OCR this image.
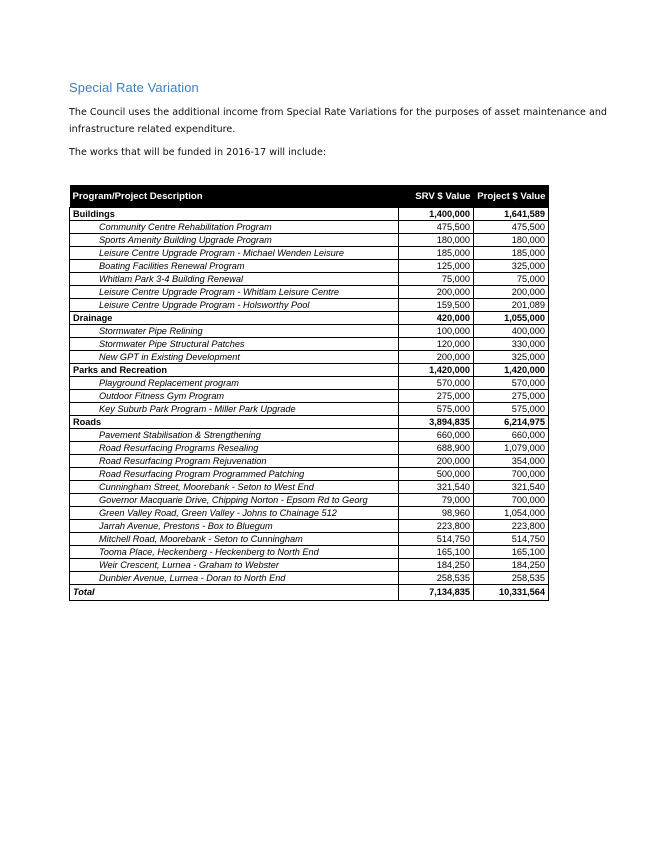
Special Rate Variation

The Council uses the additional income from Special Rate Variations for the purposes of asset maintenance and infrastructure related expenditure.

The works that will be funded in 2016-17 will include:

Program/Project Description	SRV $ Value	Project $ Value
Buildings	1,400,000	1,641,589
Community Centre Rehabilitation Program	475,500	475,500
Sports Amenity Building Upgrade Program	180,000	180,000
Leisure Centre Upgrade Program - Michael Wenden Leisure	185,000	185,000
Boating Facilities Renewal Program	125,000	325,000
Whitlam Park 3-4 Building Renewal	75,000	75,000
Leisure Centre Upgrade Program - Whitlam Leisure Centre	200,000	200,000
Leisure Centre Upgrade Program - Holsworthy Pool	159,500	201,089
Drainage	420,000	1,055,000
Stormwater Pipe Relining	100,000	400,000
Stormwater Pipe Structural Patches	120,000	330,000
New GPT in Existing Development	200,000	325,000
Parks and Recreation	1,420,000	1,420,000
Playground Replacement program	570,000	570,000
Outdoor Fitness Gym Program	275,000	275,000
Key Suburb Park Program - Miller Park Upgrade	575,000	575,000
Roads	3,894,835	6,214,975
Pavement Stabilisation & Strengthening	660,000	660,000
Road Resurfacing Programs Resealing	688,900	1,079,000
Road Resurfacing Program Rejuvenation	200,000	354,000
Road Resurfacing Program Programmed Patching	500,000	700,000
Cunningham Street, Moorebank - Seton to West End	321,540	321,540
Governor Macquarie Drive, Chipping Norton - Epsom Rd to Georg	79,000	700,000
Green Valley Road, Green Valley - Johns to Chainage 512	98,960	1,054,000
Jarrah Avenue, Prestons - Box to Bluegum	223,800	223,800
Mitchell Road, Moorebank - Seton to Cunningham	514,750	514,750
Tooma Place, Heckenberg - Heckenberg to North End	165,100	165,100
Weir Crescent, Lurnea - Graham to Webster	184,250	184,250
Dunbier Avenue, Lurnea - Doran to North End	258,535	258,535
Total	7,134,835	10,331,564
